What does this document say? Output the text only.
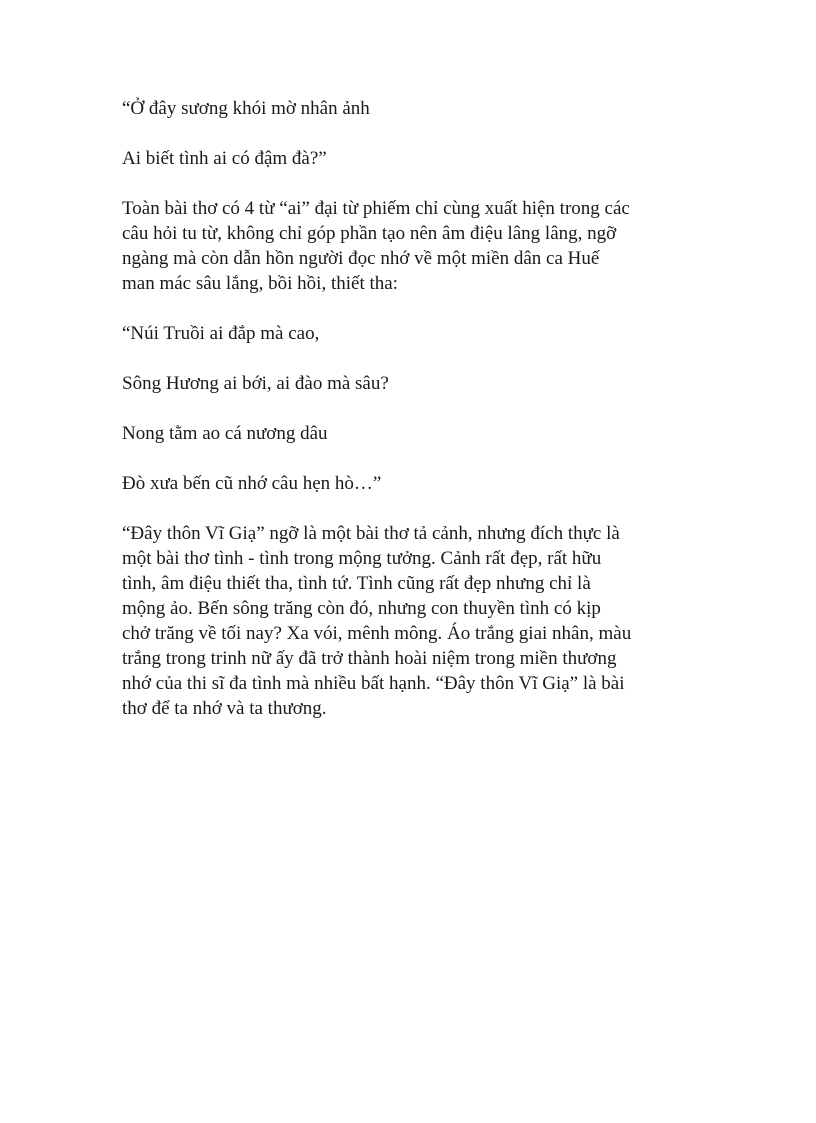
“Ở đây sương khói mờ nhân ảnh

Ai biết tình ai có đậm đà?”

Toàn bài thơ có 4 từ “ai” đại từ phiếm chỉ cùng xuất hiện trong các
câu hỏi tu từ, không chỉ góp phần tạo nên âm điệu lâng lâng, ngỡ
ngàng mà còn dẫn hồn người đọc nhớ về một miền dân ca Huế
man mác sâu lắng, bồi hồi, thiết tha:

“Núi Truồi ai đắp mà cao,

Sông Hương ai bới, ai đào mà sâu?

Nong tằm ao cá nương dâu

Đò xưa bến cũ nhớ câu hẹn hò…”

“Đây thôn Vĩ Giạ” ngỡ là một bài thơ tả cảnh, nhưng đích thực là
một bài thơ tình - tình trong mộng tưởng. Cảnh rất đẹp, rất hữu
tình, âm điệu thiết tha, tình tứ. Tình cũng rất đẹp nhưng chỉ là
mộng ảo. Bến sông trăng còn đó, nhưng con thuyền tình có kịp
chở trăng về tối nay? Xa vói, mênh mông. Áo trắng giai nhân, màu
trắng trong trinh nữ ấy đã trở thành hoài niệm trong miền thương
nhớ của thi sĩ đa tình mà nhiều bất hạnh. “Đây thôn Vĩ Giạ” là bài
thơ để ta nhớ và ta thương.
